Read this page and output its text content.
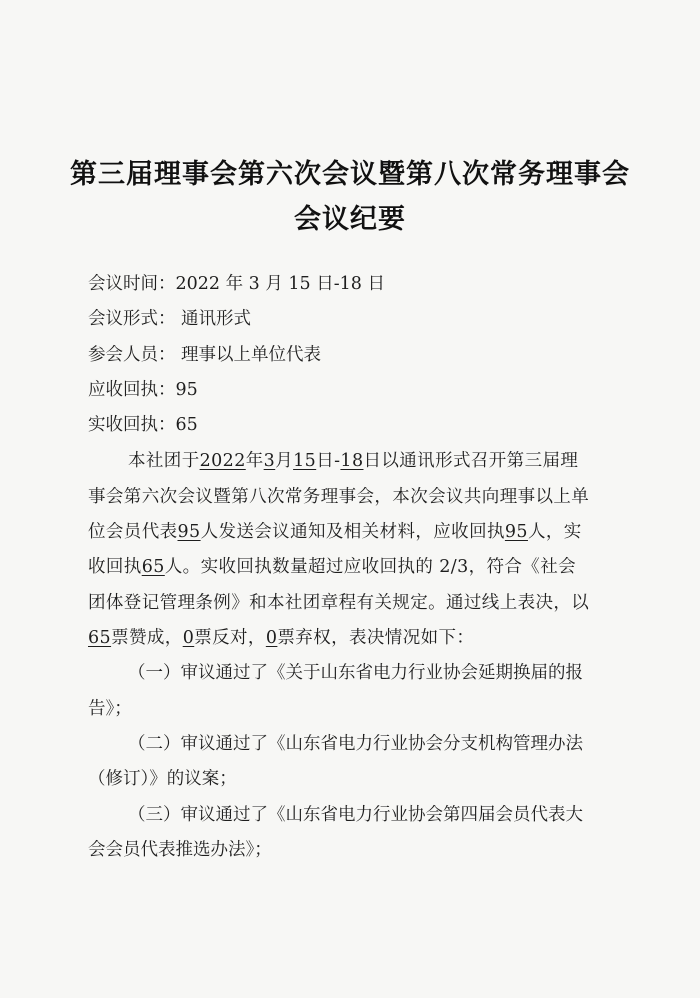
第三届理事会第六次会议暨第八次常务理事会
会议纪要
会议时间：2022 年 3 月 15 日-18 日
会议形式： 通讯形式
参会人员： 理事以上单位代表
应收回执：95
实收回执：65
本社团于2022年3月15日-18日以通讯形式召开第三届理
事会第六次会议暨第八次常务理事会，本次会议共向理事以上单
位会员代表95人发送会议通知及相关材料，应收回执95人，实
收回执65人。实收回执数量超过应收回执的 2/3，符合《社会
团体登记管理条例》和本社团章程有关规定。通过线上表决，以
65票赞成，0票反对，0票弃权，表决情况如下：
（一）审议通过了《关于山东省电力行业协会延期换届的报
告》；
（二）审议通过了《山东省电力行业协会分支机构管理办法
（修订）》的议案；
（三）审议通过了《山东省电力行业协会第四届会员代表大
会会员代表推选办法》；
